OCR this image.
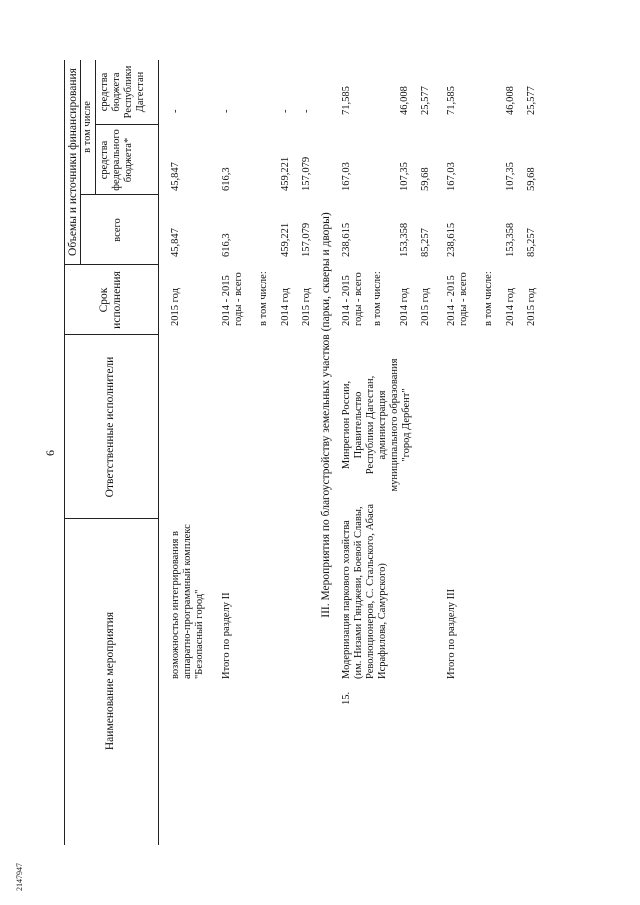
6
2147947
Наименование мероприятия
Ответственные исполнители
Срок исполнения
Объемы и источники финансирования	всего
в том числе
средства федерального бюджета*
средства бюджета Республики Дагестан
возможностью интегрирования в аппаратно-программный комплекс "Безопасный город"
2015 год
45,847
45,847
-
Итого по разделу II
2014 - 2015 годы - всего
616,3
616,3
-
в том числе: 2014 год
459,221
459,221
-
2015 год
157,079
157,079
-
III. Мероприятия по благоустройству земельных участков (парки, скверы и дворы)
15.
Модернизация паркового хозяйства (им. Низами Гянджеви, Боевой Славы, Революционеров, С. Стальского, Абаса Исрафилова, Самурского)
Минрегион России, Правительство Республики Дагестан, администрация муниципального образования "город Дербент"
2014 - 2015 годы - всего
238,615
167,03
71,585
в том числе: 2014 год
153,358
107,35
46,008
2015 год
85,257
59,68
25,577
Итого по разделу III
2014 - 2015 годы - всего
238,615
167,03
71,585
в том числе: 2014 год
153,358
107,35
46,008
2015 год
85,257
59,68
25,577
